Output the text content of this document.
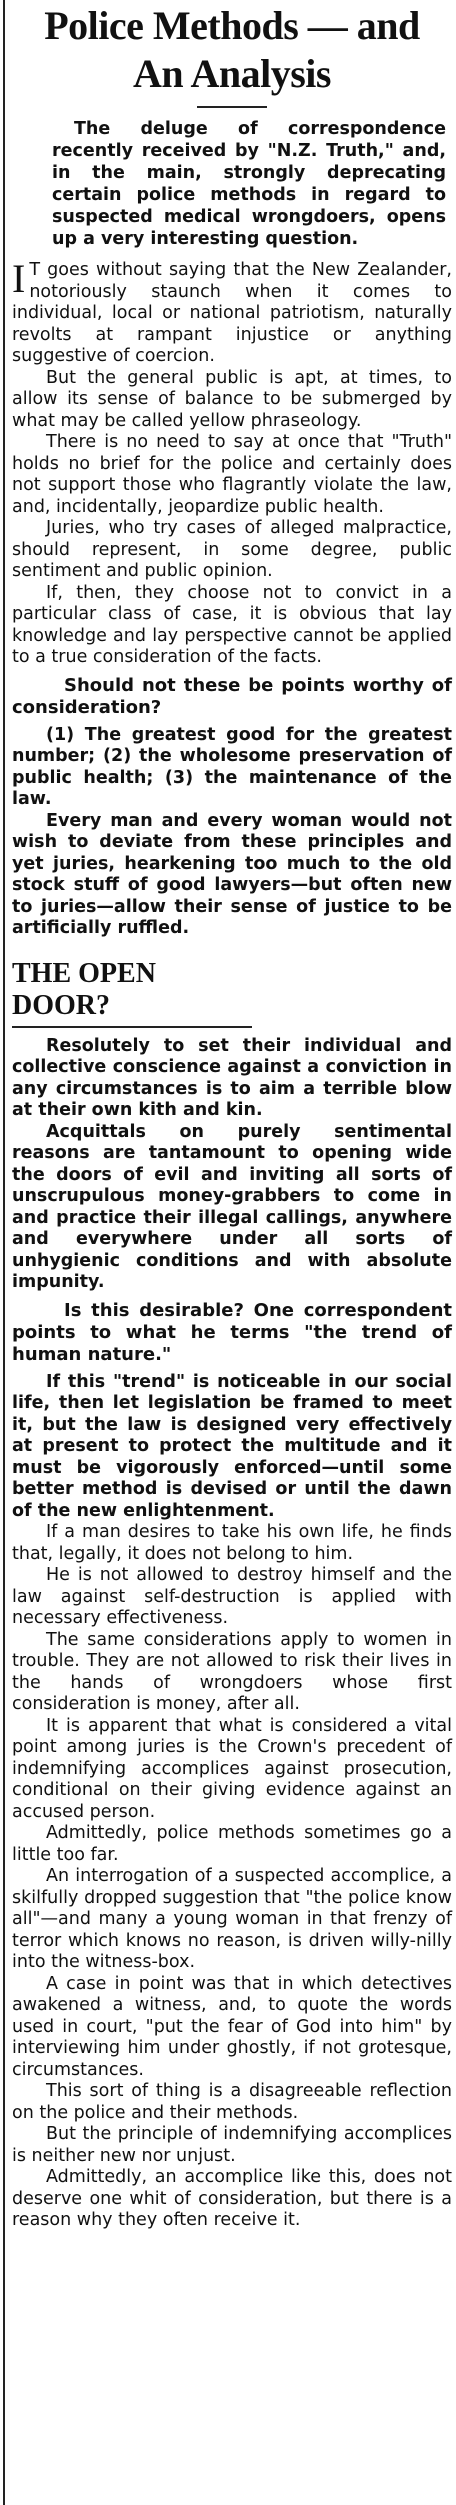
Police Methods — and
An Analysis
The deluge of correspondence recently received by "N.Z. Truth," and, in the main, strongly deprecating certain police methods in regard to suspected medical wrongdoers, opens up a very interesting question.

IT goes without saying that the New Zealander, notoriously staunch when it comes to individual, local or national patriotism, naturally revolts at rampant injustice or anything suggestive of coercion.

But the general public is apt, at times, to allow its sense of balance to be submerged by what may be called yellow phraseology.

There is no need to say at once that "Truth" holds no brief for the police and certainly does not support those who flagrantly violate the law, and, incidentally, jeopardize public health.

Juries, who try cases of alleged malpractice, should represent, in some degree, public sentiment and public opinion.

If, then, they choose not to convict in a particular class of case, it is obvious that lay knowledge and lay perspective cannot be applied to a true consideration of the facts.

Should not these be points worthy of consideration?

(1) The greatest good for the greatest number; (2) the wholesome preservation of public health; (3) the maintenance of the law.

Every man and every woman would not wish to deviate from these principles and yet juries, hearkening too much to the old stock stuff of good lawyers—but often new to juries—allow their sense of justice to be artificially ruffled.

THE OPEN DOOR?

Resolutely to set their individual and collective conscience against a conviction in any circumstances is to aim a terrible blow at their own kith and kin.

Acquittals on purely sentimental reasons are tantamount to opening wide the doors of evil and inviting all sorts of unscrupulous money-grabbers to come in and practice their illegal callings, anywhere and everywhere under all sorts of unhygienic conditions and with absolute impunity.

Is this desirable? One correspondent points to what he terms "the trend of human nature."

If this "trend" is noticeable in our social life, then let legislation be framed to meet it, but the law is designed very effectively at present to protect the multitude and it must be vigorously enforced—until some better method is devised or until the dawn of the new enlightenment.

If a man desires to take his own life, he finds that, legally, it does not belong to him.

He is not allowed to destroy himself and the law against self-destruction is applied with necessary effectiveness.

The same considerations apply to women in trouble. They are not allowed to risk their lives in the hands of wrongdoers whose first consideration is money, after all.

It is apparent that what is considered a vital point among juries is the Crown's precedent of indemnifying accomplices against prosecution, conditional on their giving evidence against an accused person.

Admittedly, police methods sometimes go a little too far.

An interrogation of a suspected accomplice, a skilfully dropped suggestion that "the police know all"—and many a young woman in that frenzy of terror which knows no reason, is driven willy-nilly into the witness-box.

A case in point was that in which detectives awakened a witness, and, to quote the words used in court, "put the fear of God into him" by interviewing him under ghostly, if not grotesque, circumstances.

This sort of thing is a disagreeable reflection on the police and their methods.

But the principle of indemnifying accomplices is neither new nor unjust.

Admittedly, an accomplice like this, does not deserve one whit of consideration, but there is a reason why they often receive it.
